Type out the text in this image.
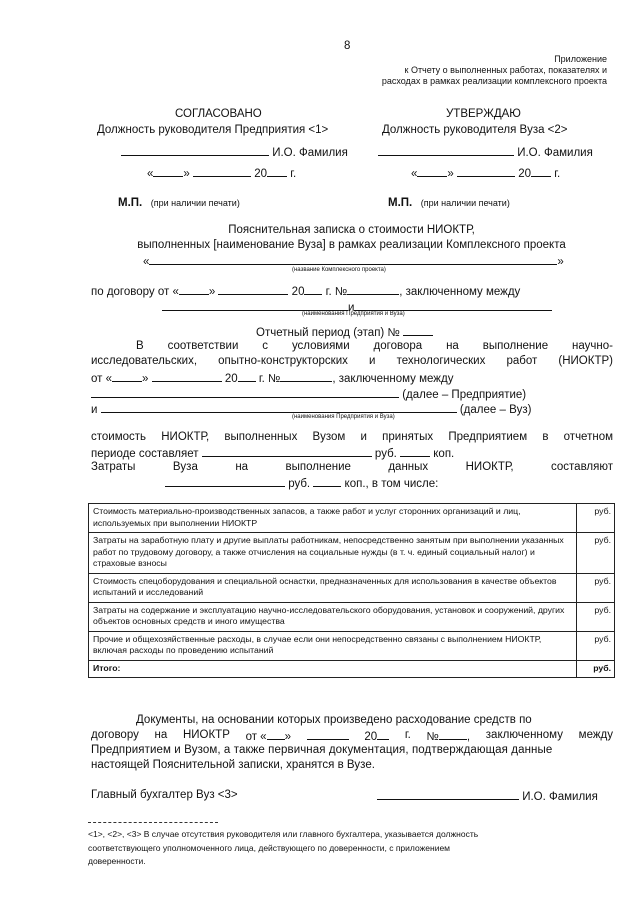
8
Приложение
к Отчету о выполненных работах, показателях и
расходах в рамках реализации комплексного проекта
СОГЛАСОВАНО
Должность руководителя Предприятия <1>
И.О. Фамилия
«	»	20 г.
М.П. (при наличии печати)
УТВЕРЖДАЮ
Должность руководителя Вуза <2>
И.О. Фамилия
«	»	20 г.
М.П. (при наличии печати)
Пояснительная записка о стоимости НИОКТР,
выполненных [наименование Вуза] в рамках реализации Комплексного проекта
«	»
(название Комплексного проекта)
по договору от «	»	20 г. №	, заключенному между
и
(наименования Предприятия и Вуза)
Отчетный период (этап) №
В соответствии с условиями договора на выполнение научно-
исследовательских, опытно-конструкторских и технологических работ (НИОКТР)
от «	»	20 г. №	, заключенному между
(далее – Предприятие)
и	(далее – Вуз)
(наименования Предприятия и Вуза)
стоимость НИОКТР, выполненных Вузом и принятых Предприятием в отчетном
периоде составляет	руб.	коп.
Затраты	Вуза	на	выполнение	данных	НИОКТР,	составляют
руб.	коп., в том числе:
Стоимость материально-производственных запасов, а также работ и услуг сторонних организаций и лиц, используемых при выполнении НИОКТР	руб.
Затраты на заработную плату и другие выплаты работникам, непосредственно занятым при выполнении указанных работ по трудовому договору, а также отчисления на социальные нужды (в т. ч. единый социальный налог) и страховые взносы	руб.
Стоимость спецоборудования и специальной оснастки, предназначенных для использования в качестве объектов испытаний и исследований	руб.
Затраты на содержание и эксплуатацию научно-исследовательского оборудования, установок и сооружений, других объектов основных средств и иного имущества	руб.
Прочие и общехозяйственные расходы, в случае если они непосредственно связаны с выполнением НИОКТР, включая расходы по проведению испытаний	руб.
Итого:	руб.
Документы, на основании которых произведено расходование средств по
договору на НИОКТР от « »	20	г. № , заключенному между
Предприятием и Вузом, а также первичная документация, подтверждающая данные
настоящей Пояснительной записки, хранятся в Вузе.
Главный бухгалтер Вуз <3>	И.О. Фамилия
<1>, <2>, <3> В случае отсутствия руководителя или главного бухгалтера, указывается должность
соответствующего уполномоченного лица, действующего по доверенности, с приложением
доверенности.
